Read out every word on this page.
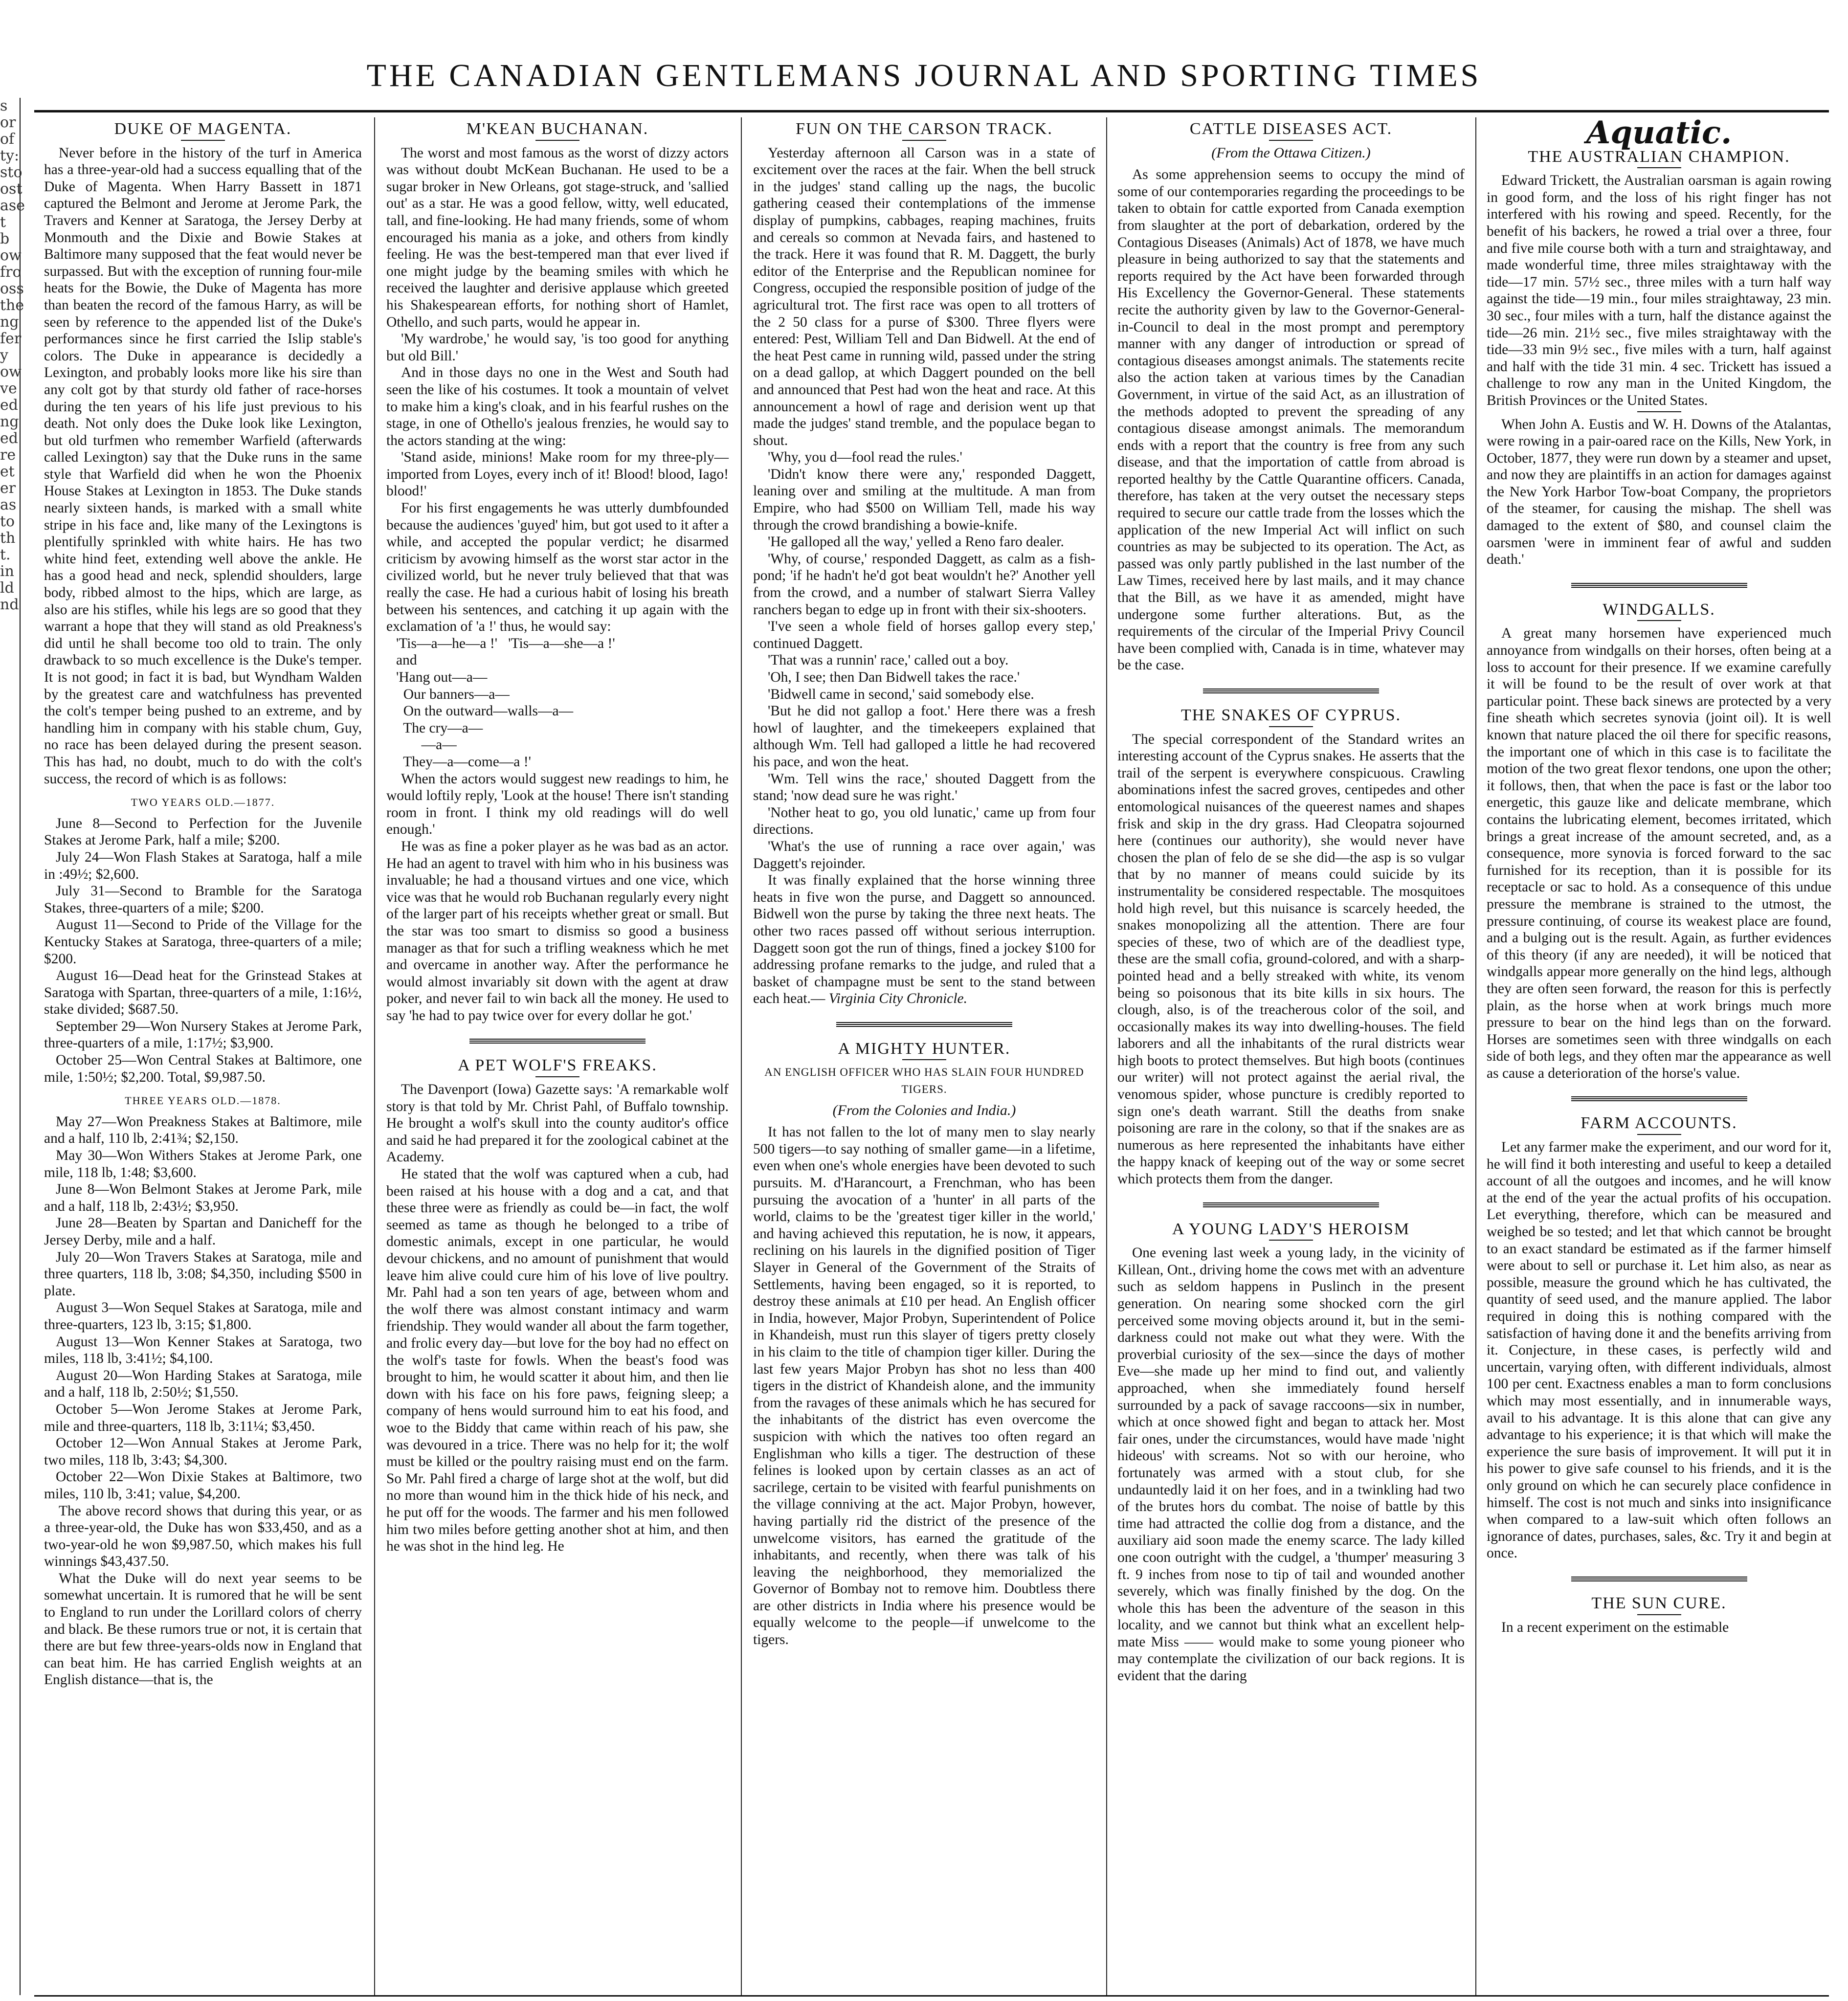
THE CANADIAN GENTLEMANS JOURNAL AND SPORTING TIMES
s
or
of
ty:
sto
ost
ase
t b
ow
fro
oss
the
ng
fer
y
ow
ve
ed
ng
ed
re
et
er
as
to
th
t.
in
ld
nd
DUKE OF MAGENTA.

Never before in the history of the turf in America has a three-year-old had a success equalling that of the Duke of Magenta. When Harry Bassett in 1871 captured the Belmont and Jerome at Jerome Park, the Travers and Kenner at Saratoga, the Jersey Derby at Monmouth and the Dixie and Bowie Stakes at Baltimore many supposed that the feat would never be surpassed. But with the exception of running four-mile heats for the Bowie, the Duke of Magenta has more than beaten the record of the famous Harry, as will be seen by reference to the appended list of the Duke's performances since he first carried the Islip stable's colors. The Duke in appearance is decidedly a Lexington, and probably looks more like his sire than any colt got by that sturdy old father of race-horses during the ten years of his life just previous to his death. Not only does the Duke look like Lexington, but old turfmen who remember Warfield (afterwards called Lexington) say that the Duke runs in the same style that Warfield did when he won the Phoenix House Stakes at Lexington in 1853. The Duke stands nearly sixteen hands, is marked with a small white stripe in his face and, like many of the Lexingtons is plentifully sprinkled with white hairs. He has two white hind feet, extending well above the ankle. He has a good head and neck, splendid shoulders, large body, ribbed almost to the hips, which are large, as also are his stifles, while his legs are so good that they warrant a hope that they will stand as old Preakness's did until he shall become too old to train. The only drawback to so much excellence is the Duke's temper. It is not good; in fact it is bad, but Wyndham Walden by the greatest care and watchfulness has prevented the colt's temper being pushed to an extreme, and by handling him in company with his stable chum, Guy, no race has been delayed during the present season. This has had, no doubt, much to do with the colt's success, the record of which is as follows:

TWO YEARS OLD.—1877.

June 8—Second to Perfection for the Juvenile Stakes at Jerome Park, half a mile; $200.

July 24—Won Flash Stakes at Saratoga, half a mile in :49½; $2,600.

July 31—Second to Bramble for the Saratoga Stakes, three-quarters of a mile; $200.

August 11—Second to Pride of the Village for the Kentucky Stakes at Saratoga, three-quarters of a mile; $200.

August 16—Dead heat for the Grinstead Stakes at Saratoga with Spartan, three-quarters of a mile, 1:16½, stake divided; $687.50.

September 29—Won Nursery Stakes at Jerome Park, three-quarters of a mile, 1:17½; $3,900.

October 25—Won Central Stakes at Baltimore, one mile, 1:50½; $2,200. Total, $9,987.50.

THREE YEARS OLD.—1878.

May 27—Won Preakness Stakes at Baltimore, mile and a half, 110 lb, 2:41¾; $2,150.

May 30—Won Withers Stakes at Jerome Park, one mile, 118 lb, 1:48; $3,600.

June 8—Won Belmont Stakes at Jerome Park, mile and a half, 118 lb, 2:43½; $3,950.

June 28—Beaten by Spartan and Danicheff for the Jersey Derby, mile and a half.

July 20—Won Travers Stakes at Saratoga, mile and three quarters, 118 lb, 3:08; $4,350, including $500 in plate.

August 3—Won Sequel Stakes at Saratoga, mile and three-quarters, 123 lb, 3:15; $1,800.

August 13—Won Kenner Stakes at Saratoga, two miles, 118 lb, 3:41½; $4,100.

August 20—Won Harding Stakes at Saratoga, mile and a half, 118 lb, 2:50½; $1,550.

October 5—Won Jerome Stakes at Jerome Park, mile and three-quarters, 118 lb, 3:11¼; $3,450.

October 12—Won Annual Stakes at Jerome Park, two miles, 118 lb, 3:43; $4,300.

October 22—Won Dixie Stakes at Baltimore, two miles, 110 lb, 3:41; value, $4,200.

The above record shows that during this year, or as a three-year-old, the Duke has won $33,450, and as a two-year-old he won $9,987.50, which makes his full winnings $43,437.50.

What the Duke will do next year seems to be somewhat uncertain. It is rumored that he will be sent to England to run under the Lorillard colors of cherry and black. Be these rumors true or not, it is certain that there are but few three-years-olds now in England that can beat him. He has carried English weights at an English distance—that is, the

M'KEAN BUCHANAN.

The worst and most famous as the worst of dizzy actors was without doubt McKean Buchanan. He used to be a sugar broker in New Orleans, got stage-struck, and 'sallied out' as a star. He was a good fellow, witty, well educated, tall, and fine-looking. He had many friends, some of whom encouraged his mania as a joke, and others from kindly feeling. He was the best-tempered man that ever lived if one might judge by the beaming smiles with which he received the laughter and derisive applause which greeted his Shakespearean efforts, for nothing short of Hamlet, Othello, and such parts, would he appear in.

'My wardrobe,' he would say, 'is too good for anything but old Bill.'

And in those days no one in the West and South had seen the like of his costumes. It took a mountain of velvet to make him a king's cloak, and in his fearful rushes on the stage, in one of Othello's jealous frenzies, he would say to the actors standing at the wing:

'Stand aside, minions! Make room for my three-ply—imported from Loyes, every inch of it! Blood! blood, Iago! blood!'

For his first engagements he was utterly dumbfounded because the audiences 'guyed' him, but got used to it after a while, and accepted the popular verdict; he disarmed criticism by avowing himself as the worst star actor in the civilized world, but he never truly believed that that was really the case. He had a curious habit of losing his breath between his sentences, and catching it up again with the exclamation of 'a !' thus, he would say:

'Tis—a—he—a !'   'Tis—a—she—a !'

and

'Hang out—a—
Our banners—a—
On the outward—walls—a—
The cry—a—
—a—
They—a—come—a !'

When the actors would suggest new readings to him, he would loftily reply, 'Look at the house! There isn't standing room in front. I think my old readings will do well enough.'

He was as fine a poker player as he was bad as an actor. He had an agent to travel with him who in his business was invaluable; he had a thousand virtues and one vice, which vice was that he would rob Buchanan regularly every night of the larger part of his receipts whether great or small. But the star was too smart to dismiss so good a business manager as that for such a trifling weakness which he met and overcame in another way. After the performance he would almost invariably sit down with the agent at draw poker, and never fail to win back all the money. He used to say 'he had to pay twice over for every dollar he got.'

A PET WOLF'S FREAKS.

The Davenport (Iowa) Gazette says: 'A remarkable wolf story is that told by Mr. Christ Pahl, of Buffalo township. He brought a wolf's skull into the county auditor's office and said he had prepared it for the zoological cabinet at the Academy.

He stated that the wolf was captured when a cub, had been raised at his house with a dog and a cat, and that these three were as friendly as could be—in fact, the wolf seemed as tame as though he belonged to a tribe of domestic animals, except in one particular, he would devour chickens, and no amount of punishment that would leave him alive could cure him of his love of live poultry. Mr. Pahl had a son ten years of age, between whom and the wolf there was almost constant intimacy and warm friendship. They would wander all about the farm together, and frolic every day—but love for the boy had no effect on the wolf's taste for fowls. When the beast's food was brought to him, he would scatter it about him, and then lie down with his face on his fore paws, feigning sleep; a company of hens would surround him to eat his food, and woe to the Biddy that came within reach of his paw, she was devoured in a trice. There was no help for it; the wolf must be killed or the poultry raising must end on the farm. So Mr. Pahl fired a charge of large shot at the wolf, but did no more than wound him in the thick hide of his neck, and he put off for the woods. The farmer and his men followed him two miles before getting another shot at him, and then he was shot in the hind leg. He

FUN ON THE CARSON TRACK.

Yesterday afternoon all Carson was in a state of excitement over the races at the fair. When the bell struck in the judges' stand calling up the nags, the bucolic gathering ceased their contemplations of the immense display of pumpkins, cabbages, reaping machines, fruits and cereals so common at Nevada fairs, and hastened to the track. Here it was found that R. M. Daggett, the burly editor of the Enterprise and the Republican nominee for Congress, occupied the responsible position of judge of the agricultural trot. The first race was open to all trotters of the 2 50 class for a purse of $300. Three flyers were entered: Pest, William Tell and Dan Bidwell. At the end of the heat Pest came in running wild, passed under the string on a dead gallop, at which Daggert pounded on the bell and announced that Pest had won the heat and race. At this announcement a howl of rage and derision went up that made the judges' stand tremble, and the populace began to shout.

'Why, you d—fool read the rules.'

'Didn't know there were any,' responded Daggett, leaning over and smiling at the multitude. A man from Empire, who had $500 on William Tell, made his way through the crowd brandishing a bowie-knife.

'He galloped all the way,' yelled a Reno faro dealer.

'Why, of course,' responded Daggett, as calm as a fish-pond; 'if he hadn't he'd got beat wouldn't he?' Another yell from the crowd, and a number of stalwart Sierra Valley ranchers began to edge up in front with their six-shooters.

'I've seen a whole field of horses gallop every step,' continued Daggett.

'That was a runnin' race,' called out a boy.

'Oh, I see; then Dan Bidwell takes the race.'

'Bidwell came in second,' said somebody else.

'But he did not gallop a foot.' Here there was a fresh howl of laughter, and the timekeepers explained that although Wm. Tell had galloped a little he had recovered his pace, and won the heat.

'Wm. Tell wins the race,' shouted Daggett from the stand; 'now dead sure he was right.'

'Nother heat to go, you old lunatic,' came up from four directions.

'What's the use of running a race over again,' was Daggett's rejoinder.

It was finally explained that the horse winning three heats in five won the purse, and Daggett so announced. Bidwell won the purse by taking the three next heats. The other two races passed off without serious interruption. Daggett soon got the run of things, fined a jockey $100 for addressing profane remarks to the judge, and ruled that a basket of champagne must be sent to the stand between each heat.— Virginia City Chronicle.

A MIGHTY HUNTER.
AN ENGLISH OFFICER WHO HAS SLAIN FOUR HUNDRED TIGERS.
(From the Colonies and India.)

It has not fallen to the lot of many men to slay nearly 500 tigers—to say nothing of smaller game—in a lifetime, even when one's whole energies have been devoted to such pursuits. M. d'Harancourt, a Frenchman, who has been pursuing the avocation of a 'hunter' in all parts of the world, claims to be the 'greatest tiger killer in the world,' and having achieved this reputation, he is now, it appears, reclining on his laurels in the dignified position of Tiger Slayer in General of the Government of the Straits of Settlements, having been engaged, so it is reported, to destroy these animals at £10 per head. An English officer in India, however, Major Probyn, Superintendent of Police in Khandeish, must run this slayer of tigers pretty closely in his claim to the title of champion tiger killer. During the last few years Major Probyn has shot no less than 400 tigers in the district of Khandeish alone, and the immunity from the ravages of these animals which he has secured for the inhabitants of the district has even overcome the suspicion with which the natives too often regard an Englishman who kills a tiger. The destruction of these felines is looked upon by certain classes as an act of sacrilege, certain to be visited with fearful punishments on the village conniving at the act. Major Probyn, however, having partially rid the district of the presence of the unwelcome visitors, has earned the gratitude of the inhabitants, and recently, when there was talk of his leaving the neighborhood, they memorialized the Governor of Bombay not to remove him. Doubtless there are other districts in India where his presence would be equally welcome to the people—if unwelcome to the tigers.

CATTLE DISEASES ACT.
(From the Ottawa Citizen.)

As some apprehension seems to occupy the mind of some of our contemporaries regarding the proceedings to be taken to obtain for cattle exported from Canada exemption from slaughter at the port of debarkation, ordered by the Contagious Diseases (Animals) Act of 1878, we have much pleasure in being authorized to say that the statements and reports required by the Act have been forwarded through His Excellency the Governor-General. These statements recite the authority given by law to the Governor-General-in-Council to deal in the most prompt and peremptory manner with any danger of introduction or spread of contagious diseases amongst animals. The statements recite also the action taken at various times by the Canadian Government, in virtue of the said Act, as an illustration of the methods adopted to prevent the spreading of any contagious disease amongst animals. The memorandum ends with a report that the country is free from any such disease, and that the importation of cattle from abroad is reported healthy by the Cattle Quarantine officers. Canada, therefore, has taken at the very outset the necessary steps required to secure our cattle trade from the losses which the application of the new Imperial Act will inflict on such countries as may be subjected to its operation. The Act, as passed was only partly published in the last number of the Law Times, received here by last mails, and it may chance that the Bill, as we have it as amended, might have undergone some further alterations. But, as the requirements of the circular of the Imperial Privy Council have been complied with, Canada is in time, whatever may be the case.

THE SNAKES OF CYPRUS.

The special correspondent of the Standard writes an interesting account of the Cyprus snakes. He asserts that the trail of the serpent is everywhere conspicuous. Crawling abominations infest the sacred groves, centipedes and other entomological nuisances of the queerest names and shapes frisk and skip in the dry grass. Had Cleopatra sojourned here (continues our authority), she would never have chosen the plan of felo de se she did—the asp is so vulgar that by no manner of means could suicide by its instrumentality be considered respectable. The mosquitoes hold high revel, but this nuisance is scarcely heeded, the snakes monopolizing all the attention. There are four species of these, two of which are of the deadliest type, these are the small cofia, ground-colored, and with a sharp-pointed head and a belly streaked with white, its venom being so poisonous that its bite kills in six hours. The clough, also, is of the treacherous color of the soil, and occasionally makes its way into dwelling-houses. The field laborers and all the inhabitants of the rural districts wear high boots to protect themselves. But high boots (continues our writer) will not protect against the aerial rival, the venomous spider, whose puncture is credibly reported to sign one's death warrant. Still the deaths from snake poisoning are rare in the colony, so that if the snakes are as numerous as here represented the inhabitants have either the happy knack of keeping out of the way or some secret which protects them from the danger.

A YOUNG LADY'S HEROISM

One evening last week a young lady, in the vicinity of Killean, Ont., driving home the cows met with an adventure such as seldom happens in Puslinch in the present generation. On nearing some shocked corn the girl perceived some moving objects around it, but in the semi-darkness could not make out what they were. With the proverbial curiosity of the sex—since the days of mother Eve—she made up her mind to find out, and valiently approached, when she immediately found herself surrounded by a pack of savage raccoons—six in number, which at once showed fight and began to attack her. Most fair ones, under the circumstances, would have made 'night hideous' with screams. Not so with our heroine, who fortunately was armed with a stout club, for she undauntedly laid it on her foes, and in a twinkling had two of the brutes hors du combat. The noise of battle by this time had attracted the collie dog from a distance, and the auxiliary aid soon made the enemy scarce. The lady killed one coon outright with the cudgel, a 'thumper' measuring 3 ft. 9 inches from nose to tip of tail and wounded another severely, which was finally finished by the dog. On the whole this has been the adventure of the season in this locality, and we cannot but think what an excellent help-mate Miss —— would make to some young pioneer who may contemplate the civilization of our back regions. It is evident that the daring

Aquatic.
THE AUSTRALIAN CHAMPION.

Edward Trickett, the Australian oarsman is again rowing in good form, and the loss of his right finger has not interfered with his rowing and speed. Recently, for the benefit of his backers, he rowed a trial over a three, four and five mile course both with a turn and straightaway, and made wonderful time, three miles straightaway with the tide—17 min. 57½ sec., three miles with a turn half way against the tide—19 min., four miles straightaway, 23 min. 30 sec., four miles with a turn, half the distance against the tide—26 min. 21½ sec., five miles straightaway with the tide—33 min 9½ sec., five miles with a turn, half against and half with the tide 31 min. 4 sec. Trickett has issued a challenge to row any man in the United Kingdom, the British Provinces or the United States.

When John A. Eustis and W. H. Downs of the Atalantas, were rowing in a pair-oared race on the Kills, New York, in October, 1877, they were run down by a steamer and upset, and now they are plaintiffs in an action for damages against the New York Harbor Tow-boat Company, the proprietors of the steamer, for causing the mishap. The shell was damaged to the extent of $80, and counsel claim the oarsmen 'were in imminent fear of awful and sudden death.'

WINDGALLS.

A great many horsemen have experienced much annoyance from windgalls on their horses, often being at a loss to account for their presence. If we examine carefully it will be found to be the result of over work at that particular point. These back sinews are protected by a very fine sheath which secretes synovia (joint oil). It is well known that nature placed the oil there for specific reasons, the important one of which in this case is to facilitate the motion of the two great flexor tendons, one upon the other; it follows, then, that when the pace is fast or the labor too energetic, this gauze like and delicate membrane, which contains the lubricating element, becomes irritated, which brings a great increase of the amount secreted, and, as a consequence, more synovia is forced forward to the sac furnished for its reception, than it is possible for its receptacle or sac to hold. As a consequence of this undue pressure the membrane is strained to the utmost, the pressure continuing, of course its weakest place are found, and a bulging out is the result. Again, as further evidences of this theory (if any are needed), it will be noticed that windgalls appear more generally on the hind legs, although they are often seen forward, the reason for this is perfectly plain, as the horse when at work brings much more pressure to bear on the hind legs than on the forward. Horses are sometimes seen with three windgalls on each side of both legs, and they often mar the appearance as well as cause a deterioration of the horse's value.

FARM ACCOUNTS.

Let any farmer make the experiment, and our word for it, he will find it both interesting and useful to keep a detailed account of all the outgoes and incomes, and he will know at the end of the year the actual profits of his occupation. Let everything, therefore, which can be measured and weighed be so tested; and let that which cannot be brought to an exact standard be estimated as if the farmer himself were about to sell or purchase it. Let him also, as near as possible, measure the ground which he has cultivated, the quantity of seed used, and the manure applied. The labor required in doing this is nothing compared with the satisfaction of having done it and the benefits arriving from it. Conjecture, in these cases, is perfectly wild and uncertain, varying often, with different individuals, almost 100 per cent. Exactness enables a man to form conclusions which may most essentially, and in innumerable ways, avail to his advantage. It is this alone that can give any advantage to his experience; it is that which will make the experience the sure basis of improvement. It will put it in his power to give safe counsel to his friends, and it is the only ground on which he can securely place confidence in himself. The cost is not much and sinks into insignificance when compared to a law-suit which often follows an ignorance of dates, purchases, sales, &c. Try it and begin at once.

THE SUN CURE.

In a recent experiment on the estimable
